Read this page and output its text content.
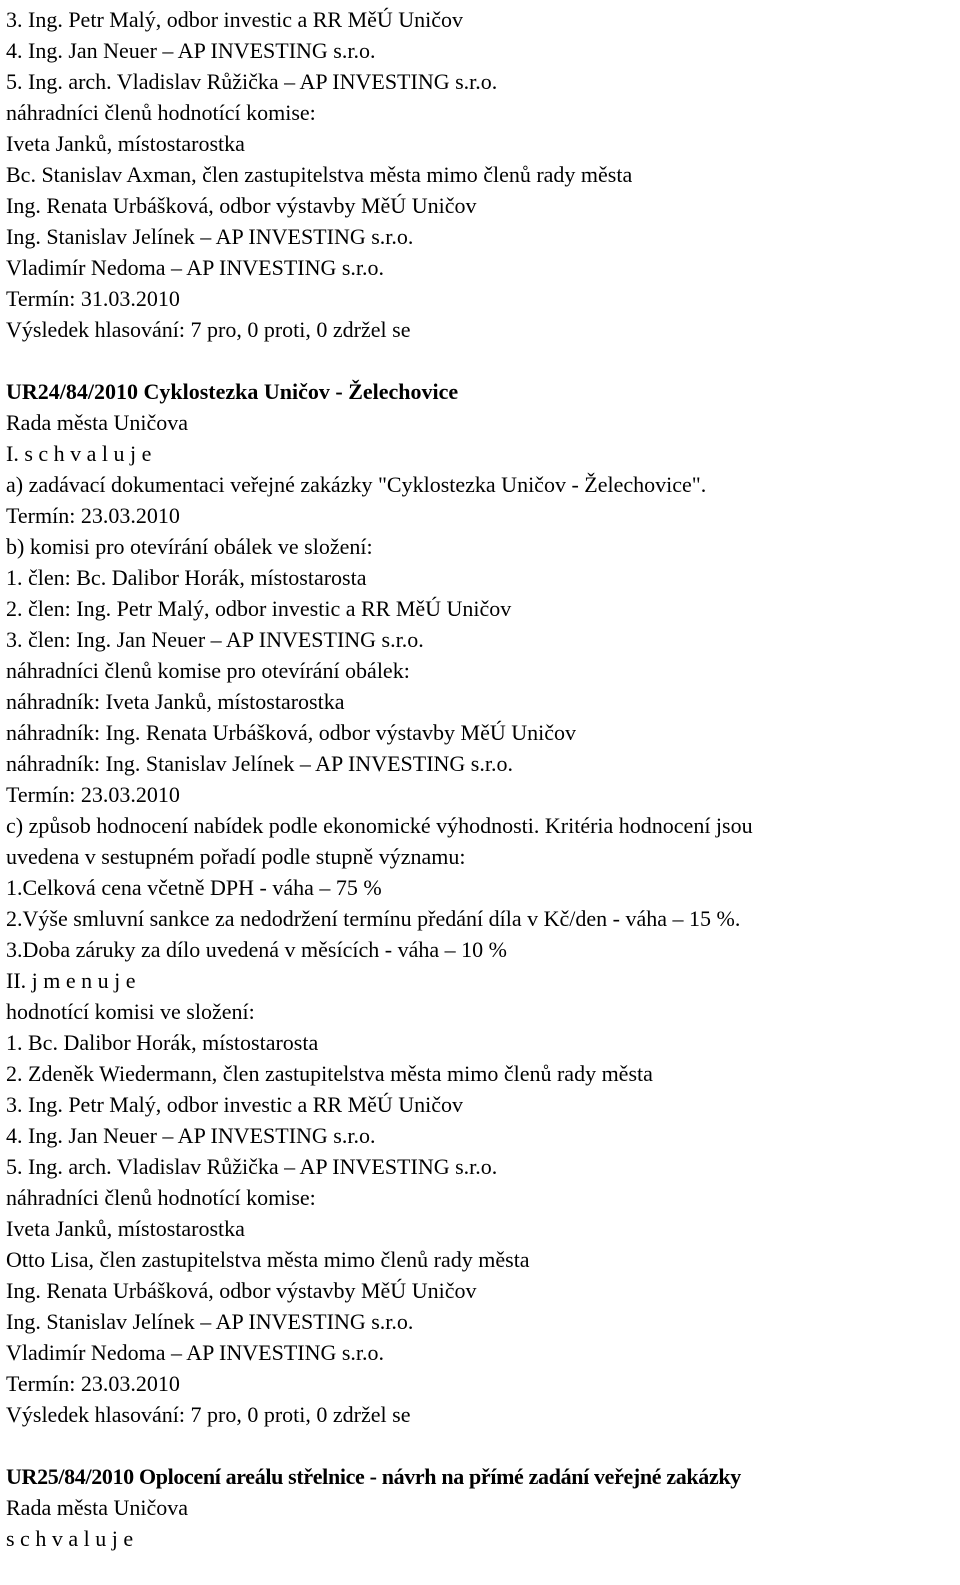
3. Ing. Petr Malý, odbor investic a RR MěÚ Uničov
4. Ing. Jan Neuer – AP INVESTING s.r.o.
5. Ing. arch. Vladislav Růžička – AP INVESTING s.r.o.
náhradníci členů hodnotící komise:
Iveta Janků, místostarostka
Bc. Stanislav Axman, člen zastupitelstva města mimo členů rady města
Ing. Renata Urbášková, odbor výstavby MěÚ Uničov
Ing. Stanislav Jelínek – AP INVESTING s.r.o.
Vladimír Nedoma – AP INVESTING s.r.o.
Termín: 31.03.2010
Výsledek hlasování: 7 pro, 0 proti, 0 zdržel se
UR24/84/2010 Cyklostezka Uničov - Želechovice
Rada města Uničova
I. s c h v a l u j e
a) zadávací dokumentaci veřejné zakázky "Cyklostezka Uničov - Želechovice".
Termín: 23.03.2010
b) komisi pro otevírání obálek ve složení:
1. člen: Bc. Dalibor Horák, místostarosta
2. člen: Ing. Petr Malý, odbor investic a RR MěÚ Uničov
3. člen: Ing. Jan Neuer – AP INVESTING s.r.o.
náhradníci členů komise pro otevírání obálek:
náhradník: Iveta Janků, místostarostka
náhradník: Ing. Renata Urbášková, odbor výstavby MěÚ Uničov
náhradník: Ing. Stanislav Jelínek – AP INVESTING s.r.o.
Termín: 23.03.2010
c) způsob hodnocení nabídek podle ekonomické výhodnosti. Kritéria hodnocení jsou
uvedena v sestupném pořadí podle stupně významu:
1.Celková cena včetně DPH - váha – 75 %
2.Výše smluvní sankce za nedodržení termínu předání díla v Kč/den - váha – 15 %.
3.Doba záruky za dílo uvedená v měsících - váha – 10 %
II. j m e n u j e
hodnotící komisi ve složení:
1. Bc. Dalibor Horák, místostarosta
2. Zdeněk Wiedermann, člen zastupitelstva města mimo členů rady města
3. Ing. Petr Malý, odbor investic a RR MěÚ Uničov
4. Ing. Jan Neuer – AP INVESTING s.r.o.
5. Ing. arch. Vladislav Růžička – AP INVESTING s.r.o.
náhradníci členů hodnotící komise:
Iveta Janků, místostarostka
Otto Lisa, člen zastupitelstva města mimo členů rady města
Ing. Renata Urbášková, odbor výstavby MěÚ Uničov
Ing. Stanislav Jelínek – AP INVESTING s.r.o.
Vladimír Nedoma – AP INVESTING s.r.o.
Termín: 23.03.2010
Výsledek hlasování: 7 pro, 0 proti, 0 zdržel se
UR25/84/2010 Oplocení areálu střelnice - návrh na přímé zadání veřejné zakázky
Rada města Uničova
s c h v a l u j e
